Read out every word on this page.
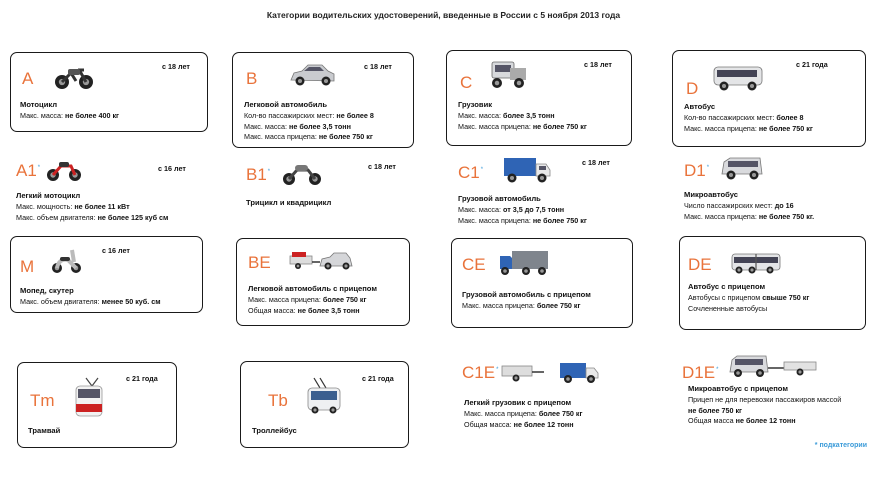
Категории водительских удостоверений, введенные в России с 5 ноября 2013 года
A
с 18 лет
Мотоцикл
Макс. масса: не более 400 кг
B
с 18 лет
Легковой автомобиль
Кол-во пассажирских мест: не более 8
Макс. масса: не более 3,5 тонн
Макс. масса прицепа: не более 750 кг
C
с 18 лет
Грузовик
Макс. масса: более 3,5 тонн
Макс. масса прицепа: не более 750 кг
D
с 21 года
Автобус
Кол-во пассажирских мест: более 8
Макс. масса прицепа: не более 750 кг
A1*	с 16 лет
Легкий мотоцикл
Макс. мощность: не более 11 кВт
Макс. объем двигателя: не более 125 куб см
B1*
с 18 лет
Трицикл и квадрицикл
C1*
с 18 лет
Грузовой автомобиль
Макс. масса: от 3,5 до 7,5 тонн
Макс. масса прицепа: не более 750 кг
D1*
Микроавтобус
Число пассажирских мест: до 16
Макс. масса прицепа: не более 750 кг.
M
с 16 лет
Мопед, скутер
Макс. объем двигателя: менее 50 куб. см
BE
Легковой автомобиль с прицепом
Макс. масса прицепа: более 750 кг
Общая масса: не более 3,5 тонн
CE
Грузовой автомобиль с прицепом
Макс. масса прицепа: более 750 кг
DE
Автобус с прицепом
Автобусы с прицепом свыше 750 кг
Сочлененные автобусы
Tm
с 21 года
Трамвай
Tb
с 21 года
Троллейбус
C1E*
Легкий грузовик с прицепом
Макс. масса прицепа: более 750 кг
Общая масса: не более 12 тонн
D1E*
Микроавтобус с прицепом
Прицеп не для перевозки пассажиров массой
не более 750 кг
Общая масса не более 12 тонн
* подкатегории
